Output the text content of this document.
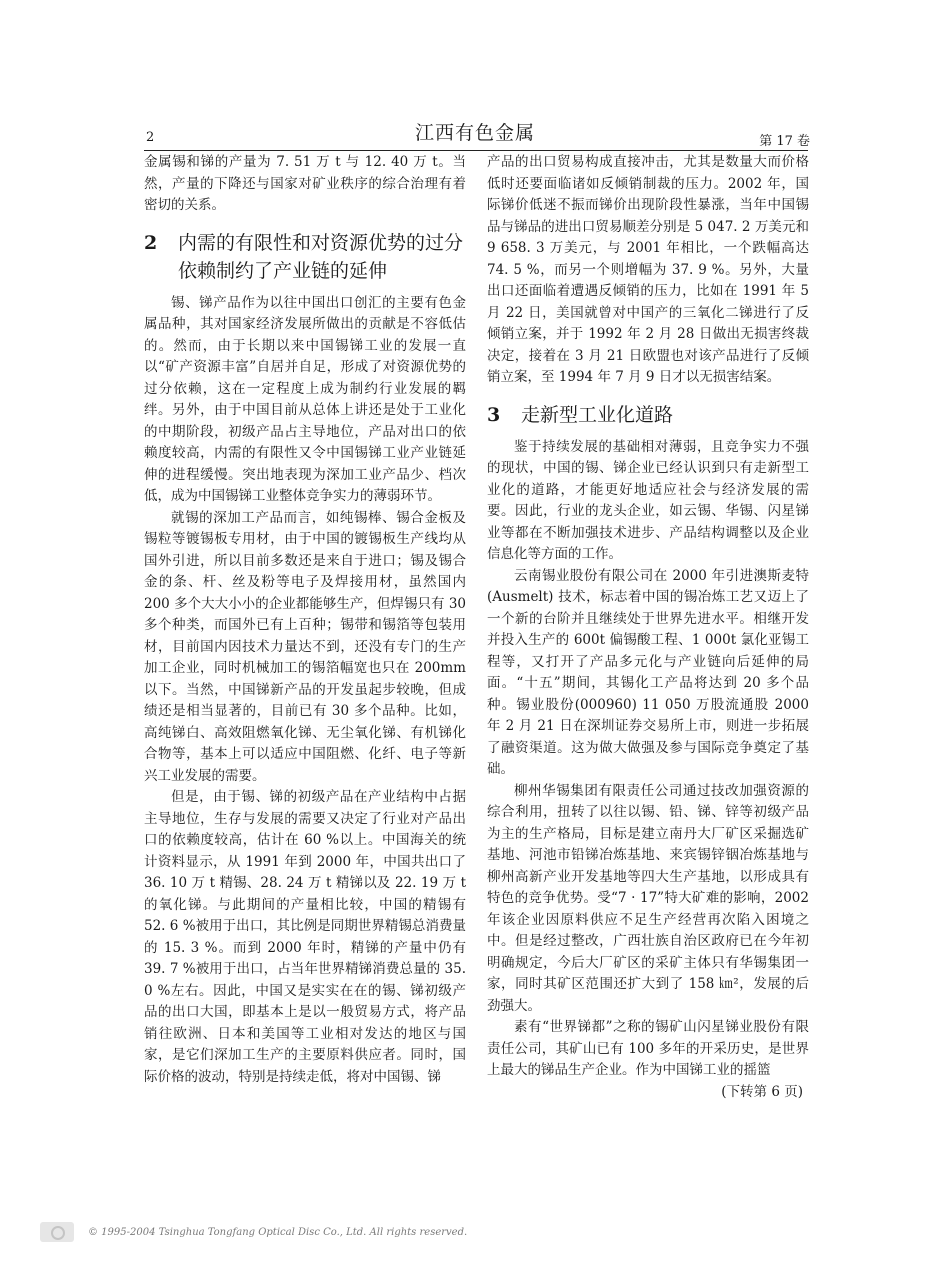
2	江西有色金属	第 17 卷

金属锡和锑的产量为 7. 51 万 t 与 12. 40 万 t。当然，产量的下降还与国家对矿业秩序的综合治理有着密切的关系。

2	内需的有限性和对资源优势的过分依赖制约了产业链的延伸

锡、锑产品作为以往中国出口创汇的主要有色金属品种，其对国家经济发展所做出的贡献是不容低估的。然而，由于长期以来中国锡锑工业的发展一直以“矿产资源丰富”自居并自足，形成了对资源优势的过分依赖，这在一定程度上成为制约行业发展的羁绊。另外，由于中国目前从总体上讲还是处于工业化的中期阶段，初级产品占主导地位，产品对出口的依赖度较高，内需的有限性又令中国锡锑工业产业链延伸的进程缓慢。突出地表现为深加工业产品少、档次低，成为中国锡锑工业整体竞争实力的薄弱环节。

就锡的深加工产品而言，如纯锡棒、锡合金板及锡粒等镀锡板专用材，由于中国的镀锡板生产线均从国外引进，所以目前多数还是来自于进口；锡及锡合金的条、杆、丝及粉等电子及焊接用材，虽然国内 200 多个大大小小的企业都能够生产，但焊锡只有 30 多个种类，而国外已有上百种；锡带和锡箔等包装用材，目前国内因技术力量达不到，还没有专门的生产加工企业，同时机械加工的锡箔幅宽也只在 200mm 以下。当然，中国锑新产品的开发虽起步较晚，但成绩还是相当显著的，目前已有 30 多个品种。比如，高纯锑白、高效阻燃氧化锑、无尘氧化锑、有机锑化合物等，基本上可以适应中国阻燃、化纤、电子等新兴工业发展的需要。

但是，由于锡、锑的初级产品在产业结构中占据主导地位，生存与发展的需要又决定了行业对产品出口的依赖度较高，估计在 60 %以上。中国海关的统计资料显示，从 1991 年到 2000 年，中国共出口了 36. 10 万 t 精锡、28. 24 万 t 精锑以及 22. 19 万 t 的氧化锑。与此期间的产量相比较，中国的精锡有 52. 6 %被用于出口，其比例是同期世界精锡总消费量的 15. 3 %。而到 2000 年时，精锑的产量中仍有 39. 7 %被用于出口，占当年世界精锑消费总量的 35. 0 %左右。因此，中国又是实实在在的锡、锑初级产品的出口大国，即基本上是以一般贸易方式，将产品销往欧洲、日本和美国等工业相对发达的地区与国家，是它们深加工生产的主要原料供应者。同时，国际价格的波动，特别是持续走低，将对中国锡、锑

产品的出口贸易构成直接冲击，尤其是数量大而价格低时还要面临诸如反倾销制裁的压力。2002 年，国际锑价低迷不振而锑价出现阶段性暴涨，当年中国锡品与锑品的进出口贸易顺差分别是 5 047. 2 万美元和 9 658. 3 万美元，与 2001 年相比，一个跌幅高达 74. 5 %，而另一个则增幅为 37. 9 %。另外，大量出口还面临着遭遇反倾销的压力，比如在 1991 年 5 月 22 日，美国就曾对中国产的三氧化二锑进行了反倾销立案，并于 1992 年 2 月 28 日做出无损害终裁决定，接着在 3 月 21 日欧盟也对该产品进行了反倾销立案，至 1994 年 7 月 9 日才以无损害结案。

3	走新型工业化道路

鉴于持续发展的基础相对薄弱，且竞争实力不强的现状，中国的锡、锑企业已经认识到只有走新型工业化的道路，才能更好地适应社会与经济发展的需要。因此，行业的龙头企业，如云锡、华锡、闪星锑业等都在不断加强技术进步、产品结构调整以及企业信息化等方面的工作。

云南锡业股份有限公司在 2000 年引进澳斯麦特 (Ausmelt) 技术，标志着中国的锡冶炼工艺又迈上了一个新的台阶并且继续处于世界先进水平。相继开发并投入生产的 600t 偏锡酸工程、1 000t 氯化亚锡工程等，又打开了产品多元化与产业链向后延伸的局面。“十五”期间，其锡化工产品将达到 20 多个品种。锡业股份(000960) 11 050 万股流通股 2000 年 2 月 21 日在深圳证券交易所上市，则进一步拓展了融资渠道。这为做大做强及参与国际竞争奠定了基础。

柳州华锡集团有限责任公司通过技改加强资源的综合利用，扭转了以往以锡、铅、锑、锌等初级产品为主的生产格局，目标是建立南丹大厂矿区采掘选矿基地、河池市铅锑冶炼基地、来宾锡锌铟冶炼基地与柳州高新产业开发基地等四大生产基地，以形成具有特色的竞争优势。受“7 · 17”特大矿难的影响，2002 年该企业因原料供应不足生产经营再次陷入困境之中。但是经过整改，广西壮族自治区政府已在今年初明确规定，今后大厂矿区的采矿主体只有华锡集团一家，同时其矿区范围还扩大到了 158 ㎞²，发展的后劲强大。

素有“世界锑都”之称的锡矿山闪星锑业股份有限责任公司，其矿山已有 100 多年的开采历史，是世界上最大的锑品生产企业。作为中国锑工业的摇篮

(下转第 6 页)

© 1995-2004 Tsinghua Tongfang Optical Disc Co., Ltd. All rights reserved.
